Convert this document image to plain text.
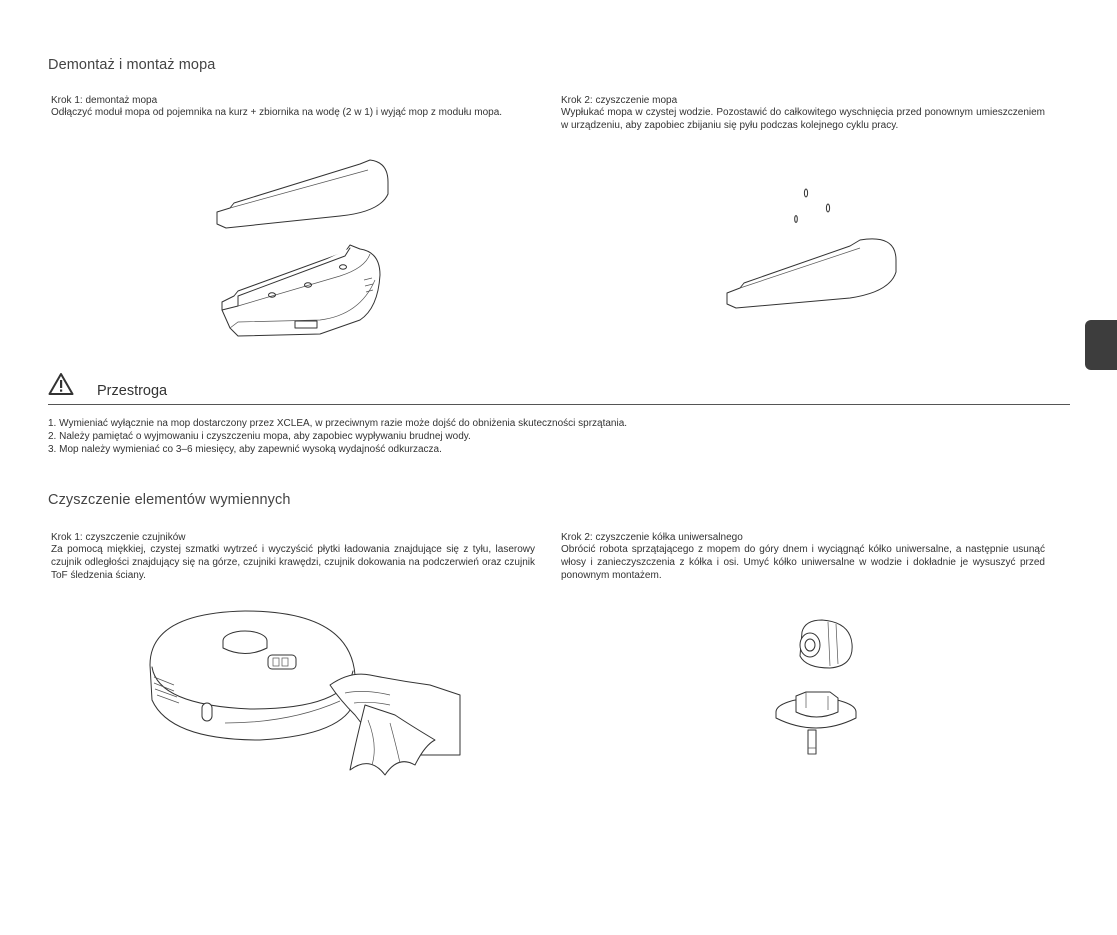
Demontaż i montaż mopa
Krok 1: demontaż mopa
Odłączyć moduł mopa od pojemnika na kurz + zbiornika na wodę (2 w 1) i wyjąć mop z modułu mopa.
Krok 2: czyszczenie mopa
Wypłukać mopa w czystej wodzie. Pozostawić do całkowitego wyschnięcia przed ponownym umieszczeniem w urządzeniu, aby zapobiec zbijaniu się pyłu podczas kolejnego cyklu pracy.
Przestroga
1. Wymieniać wyłącznie na mop dostarczony przez XCLEA, w przeciwnym razie może dojść do obniżenia skuteczności sprzątania.
2. Należy pamiętać o wyjmowaniu i czyszczeniu mopa, aby zapobiec wypływaniu brudnej wody.
3. Mop należy wymieniać co 3–6 miesięcy, aby zapewnić wysoką wydajność odkurzacza.
Czyszczenie elementów wymiennych
Krok 1: czyszczenie czujników
Za pomocą miękkiej, czystej szmatki wytrzeć i wyczyścić płytki ładowania znajdujące się z tyłu, laserowy czujnik odległości znajdujący się na górze, czujniki krawędzi, czujnik dokowania na podczerwień oraz czujnik ToF śledzenia ściany.
Krok 2: czyszczenie kółka uniwersalnego
Obrócić robota sprzątającego z mopem do góry dnem i wyciągnąć kółko uniwersalne, a następnie usunąć włosy i zanieczyszczenia z kółka i osi. Umyć kółko uniwersalne w wodzie i dokładnie je wysuszyć przed ponownym montażem.
